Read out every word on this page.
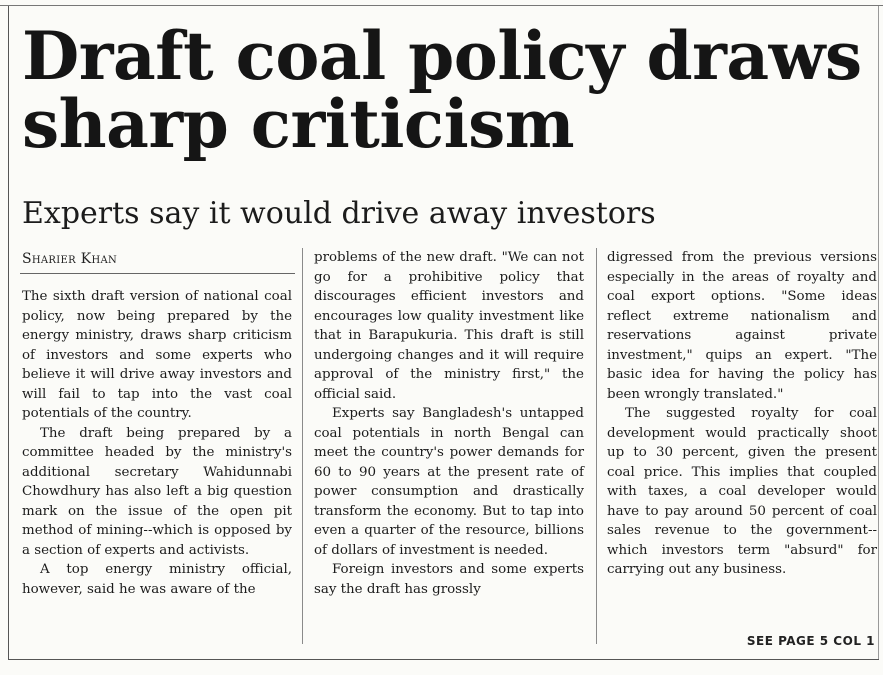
Draft coal policy draws sharp criticism
Experts say it would drive away investors
Sharier Khan

The sixth draft version of national coal policy, now being prepared by the energy ministry, draws sharp criticism of investors and some experts who believe it will drive away investors and will fail to tap into the vast coal potentials of the country.

The draft being prepared by a committee headed by the ministry's additional secretary Wahidunnabi Chowdhury has also left a big question mark on the issue of the open pit method of mining--which is opposed by a section of experts and activists.

A top energy ministry official, however, said he was aware of the

problems of the new draft. "We can not go for a prohibitive policy that discourages efficient investors and encourages low quality investment like that in Barapukuria. This draft is still undergoing changes and it will require approval of the ministry first," the official said.

Experts say Bangladesh's untapped coal potentials in north Bengal can meet the country's power demands for 60 to 90 years at the present rate of power consumption and drastically transform the economy. But to tap into even a quarter of the resource, billions of dollars of investment is needed.

Foreign investors and some experts say the draft has grossly

digressed from the previous versions especially in the areas of royalty and coal export options. "Some ideas reflect extreme nationalism and reservations against private investment," quips an expert. "The basic idea for having the policy has been wrongly translated."

The suggested royalty for coal development would practically shoot up to 30 percent, given the present coal price. This implies that coupled with taxes, a coal developer would have to pay around 50 percent of coal sales revenue to the government--which investors term "absurd" for carrying out any business.

SEE PAGE 5 COL 1
